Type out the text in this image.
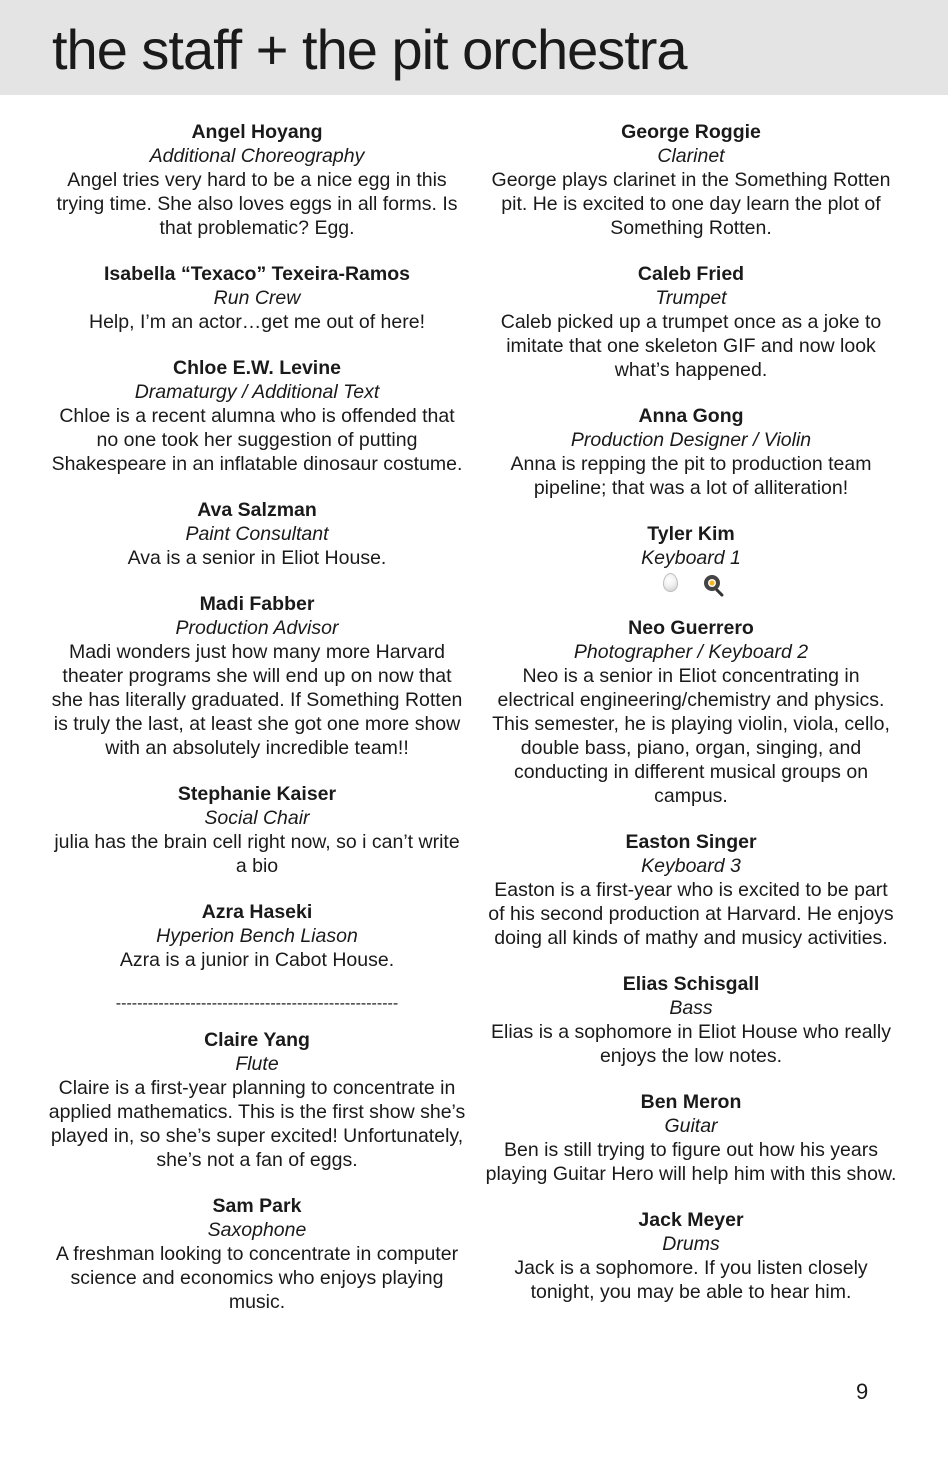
the staff + the pit orchestra
Angel Hoyang
Additional Choreography
Angel tries very hard to be a nice egg in this trying time. She also loves eggs in all forms. Is that problematic? Egg.
Isabella “Texaco” Texeira-Ramos
Run Crew
Help, I’m an actor…get me out of here!
Chloe E.W. Levine
Dramaturgy / Additional Text
Chloe is a recent alumna who is offended that no one took her suggestion of putting Shakespeare in an inflatable dinosaur costume.
Ava Salzman
Paint Consultant
Ava is a senior in Eliot House.
Madi Fabber
Production Advisor
Madi wonders just how many more Harvard theater programs she will end up on now that she has literally graduated. If Something Rotten is truly the last, at least she got one more show with an absolutely incredible team!!
Stephanie Kaiser
Social Chair
julia has the brain cell right now, so i can’t write a bio
Azra Haseki
Hyperion Bench Liason
Azra is a junior in Cabot House.
-----------------------------------------------------
Claire Yang
Flute
Claire is a first-year planning to concentrate in applied mathematics. This is the first show she’s played in, so she’s super excited! Unfortunately, she’s not a fan of eggs.
Sam Park
Saxophone
A freshman looking to concentrate in computer science and economics who enjoys playing music.
George Roggie
Clarinet
George plays clarinet in the Something Rotten pit. He is excited to one day learn the plot of Something Rotten.
Caleb Fried
Trumpet
Caleb picked up a trumpet once as a joke to imitate that one skeleton GIF and now look what’s happened.
Anna Gong
Production Designer / Violin
Anna is repping the pit to production team pipeline; that was a lot of alliteration!
Tyler Kim
Keyboard 1
Neo Guerrero
Photographer / Keyboard 2
Neo is a senior in Eliot concentrating in electrical engineering/chemistry and physics. This semester, he is playing violin, viola, cello, double bass, piano, organ, singing, and conducting in different musical groups on campus.
Easton Singer
Keyboard 3
Easton is a first-year who is excited to be part of his second production at Harvard. He enjoys doing all kinds of mathy and musicy activities.
Elias Schisgall
Bass
Elias is a sophomore in Eliot House who really enjoys the low notes.
Ben Meron
Guitar
Ben is still trying to figure out how his years playing Guitar Hero will help him with this show.
Jack Meyer
Drums
Jack is a sophomore. If you listen closely tonight, you may be able to hear him.
9
